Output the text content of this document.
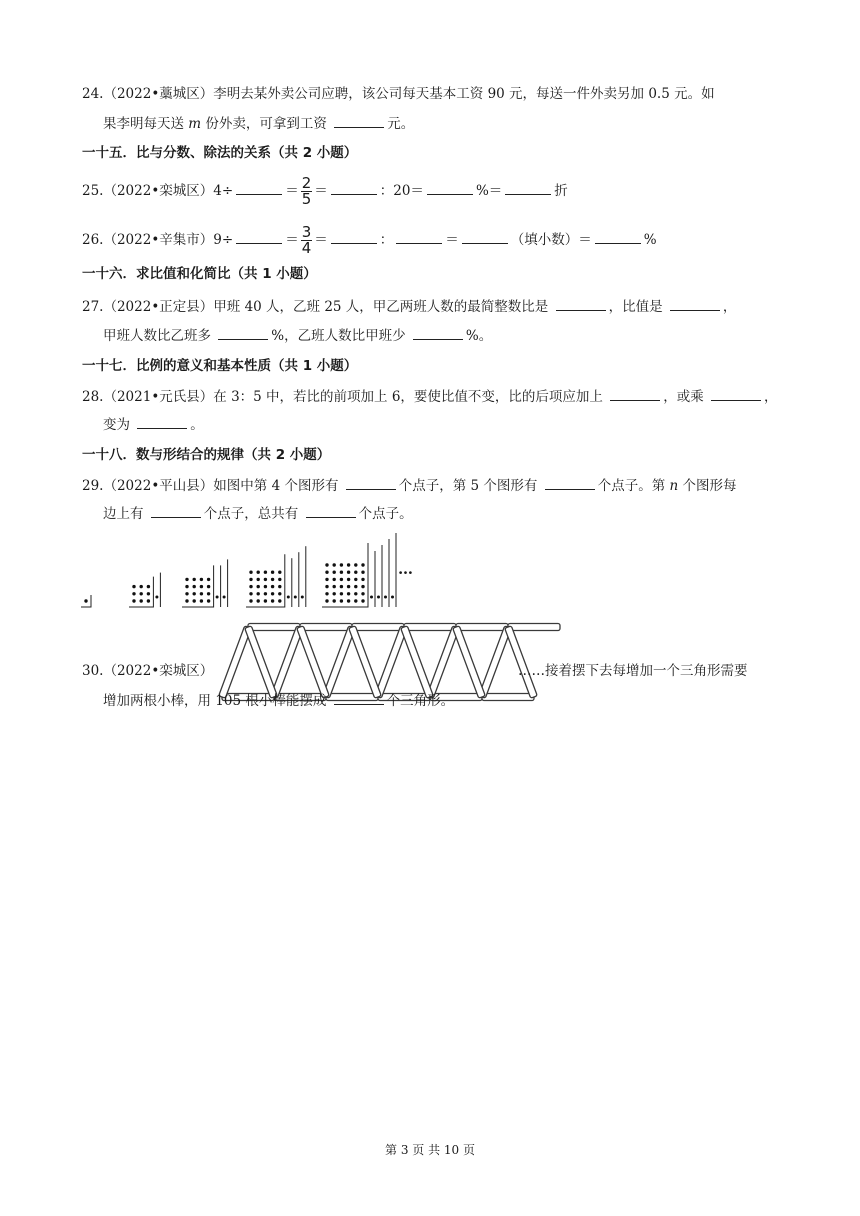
24.（2022•藁城区）李明去某外卖公司应聘，该公司每天基本工资 90 元，每送一件外卖另加 0.5 元。如
果李明每天送 m 份外卖，可拿到工资	元。
一十五．比与分数、除法的关系（共 2 小题）
25.（2022•栾城区）4÷	＝ $\frac{2}{5}$ ＝	：20＝	%＝	折
26.（2022•辛集市）9÷	＝ $\frac{3}{4}$ ＝	：	＝	（填小数）＝	%
一十六．求比值和化简比（共 1 小题）
27.（2022•正定县）甲班 40 人，乙班 25 人，甲乙两班人数的最简整数比是	，比值是	，
甲班人数比乙班多	%，乙班人数比甲班少	%。
一十七．比例的意义和基本性质（共 1 小题）
28.（2021•元氏县）在 3：5 中，若比的前项加上 6，要使比值不变，比的后项应加上	，或乘	，
变为	。
一十八．数与形结合的规律（共 2 小题）
29.（2022•平山县）如图中第 4 个图形有	个点子，第 5 个图形有	个点子。第 n 个图形每
边上有	个点子，总共有	个点子。
…
30.（2022•栾城区）	……接着摆下去每增加一个三角形需要
增加两根小棒，用 105 根小棒能摆成	个三角形。
第 3 页 共 10 页
